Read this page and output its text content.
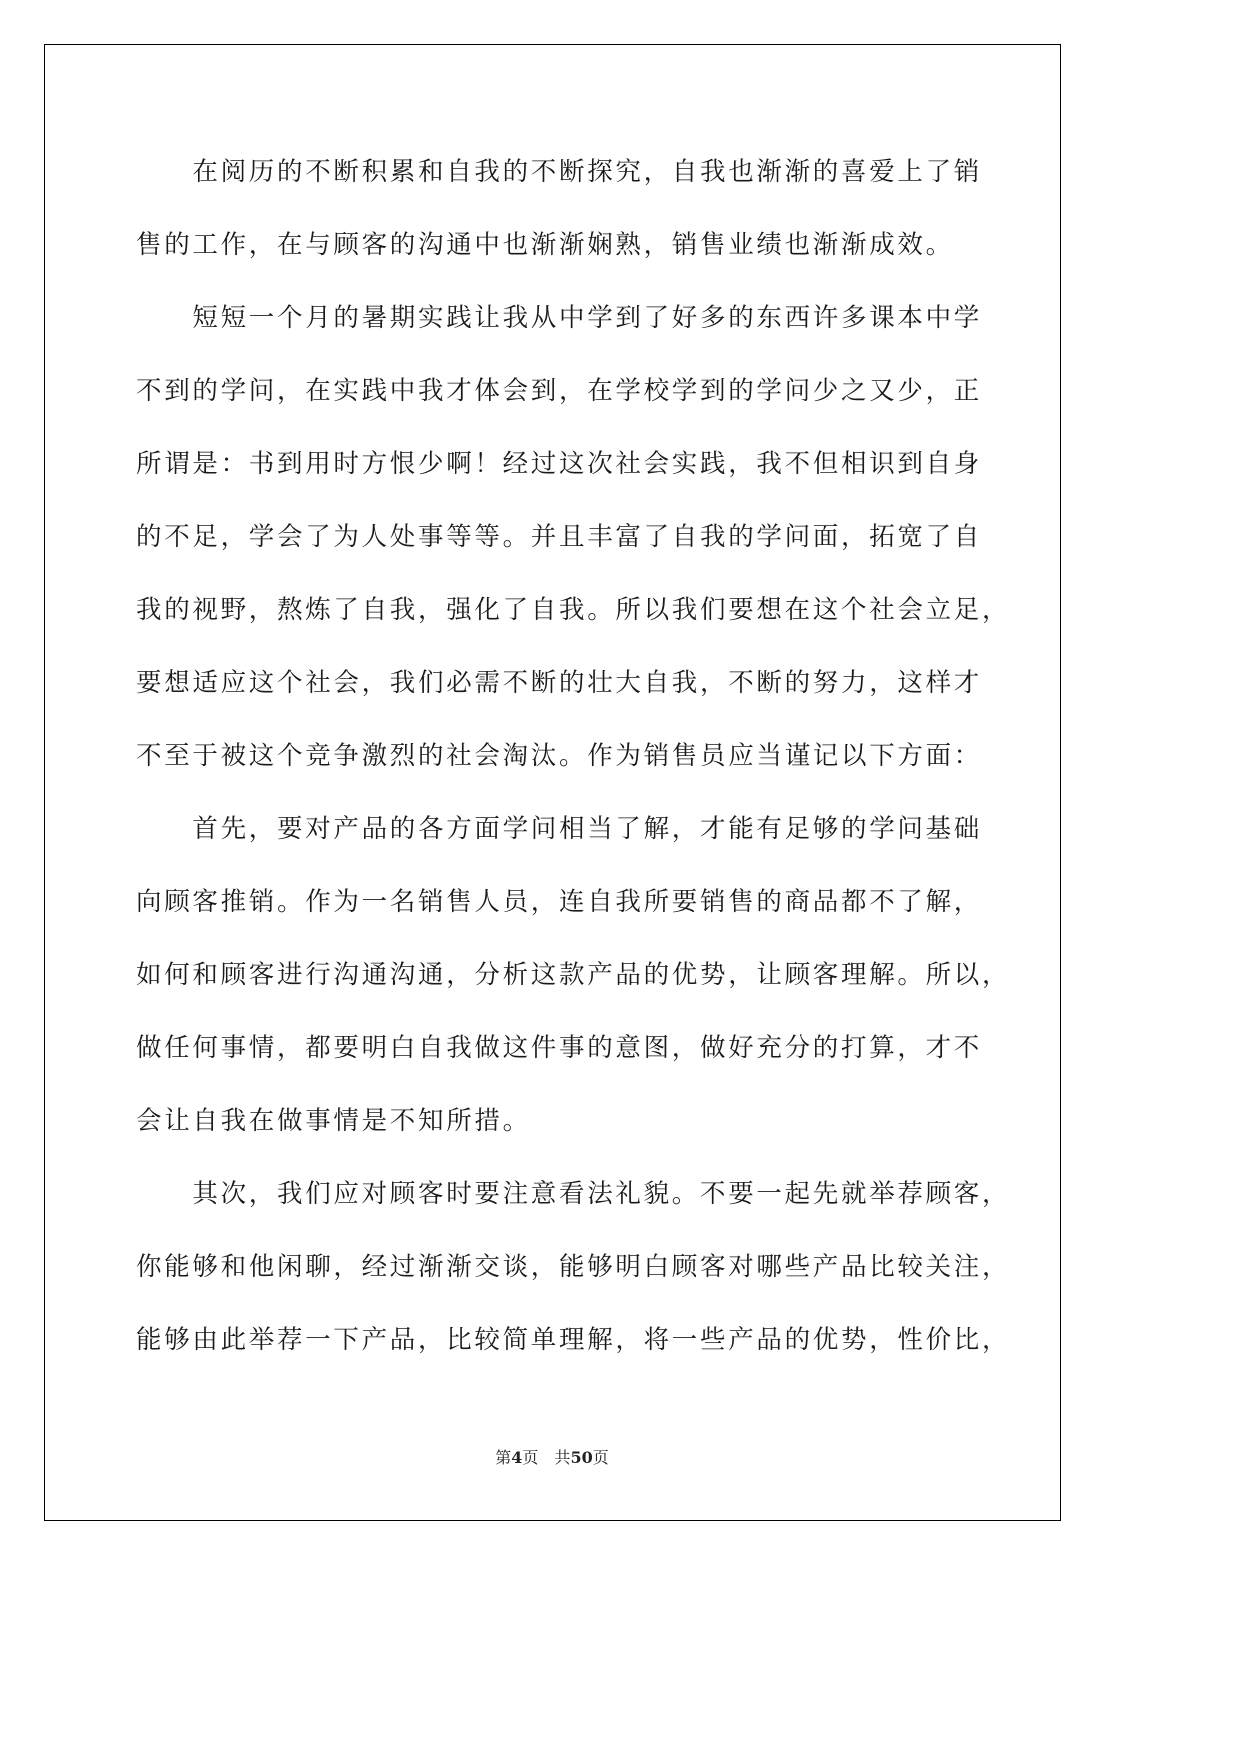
　　在阅历的不断积累和自我的不断探究，自我也渐渐的喜爱上了销
售的工作，在与顾客的沟通中也渐渐娴熟，销售业绩也渐渐成效。
　　短短一个月的暑期实践让我从中学到了好多的东西许多课本中学
不到的学问，在实践中我才体会到，在学校学到的学问少之又少，正
所谓是：书到用时方恨少啊！经过这次社会实践，我不但相识到自身
的不足，学会了为人处事等等。并且丰富了自我的学问面，拓宽了自
我的视野，熬炼了自我，强化了自我。所以我们要想在这个社会立足，
要想适应这个社会，我们必需不断的壮大自我，不断的努力，这样才
不至于被这个竞争激烈的社会淘汰。作为销售员应当谨记以下方面：
　　首先，要对产品的各方面学问相当了解，才能有足够的学问基础
向顾客推销。作为一名销售人员，连自我所要销售的商品都不了解，
如何和顾客进行沟通沟通，分析这款产品的优势，让顾客理解。所以，
做任何事情，都要明白自我做这件事的意图，做好充分的打算，才不
会让自我在做事情是不知所措。
　　其次，我们应对顾客时要注意看法礼貌。不要一起先就举荐顾客，
你能够和他闲聊，经过渐渐交谈，能够明白顾客对哪些产品比较关注，
能够由此举荐一下产品，比较简单理解，将一些产品的优势，性价比，
第4页　共50页
